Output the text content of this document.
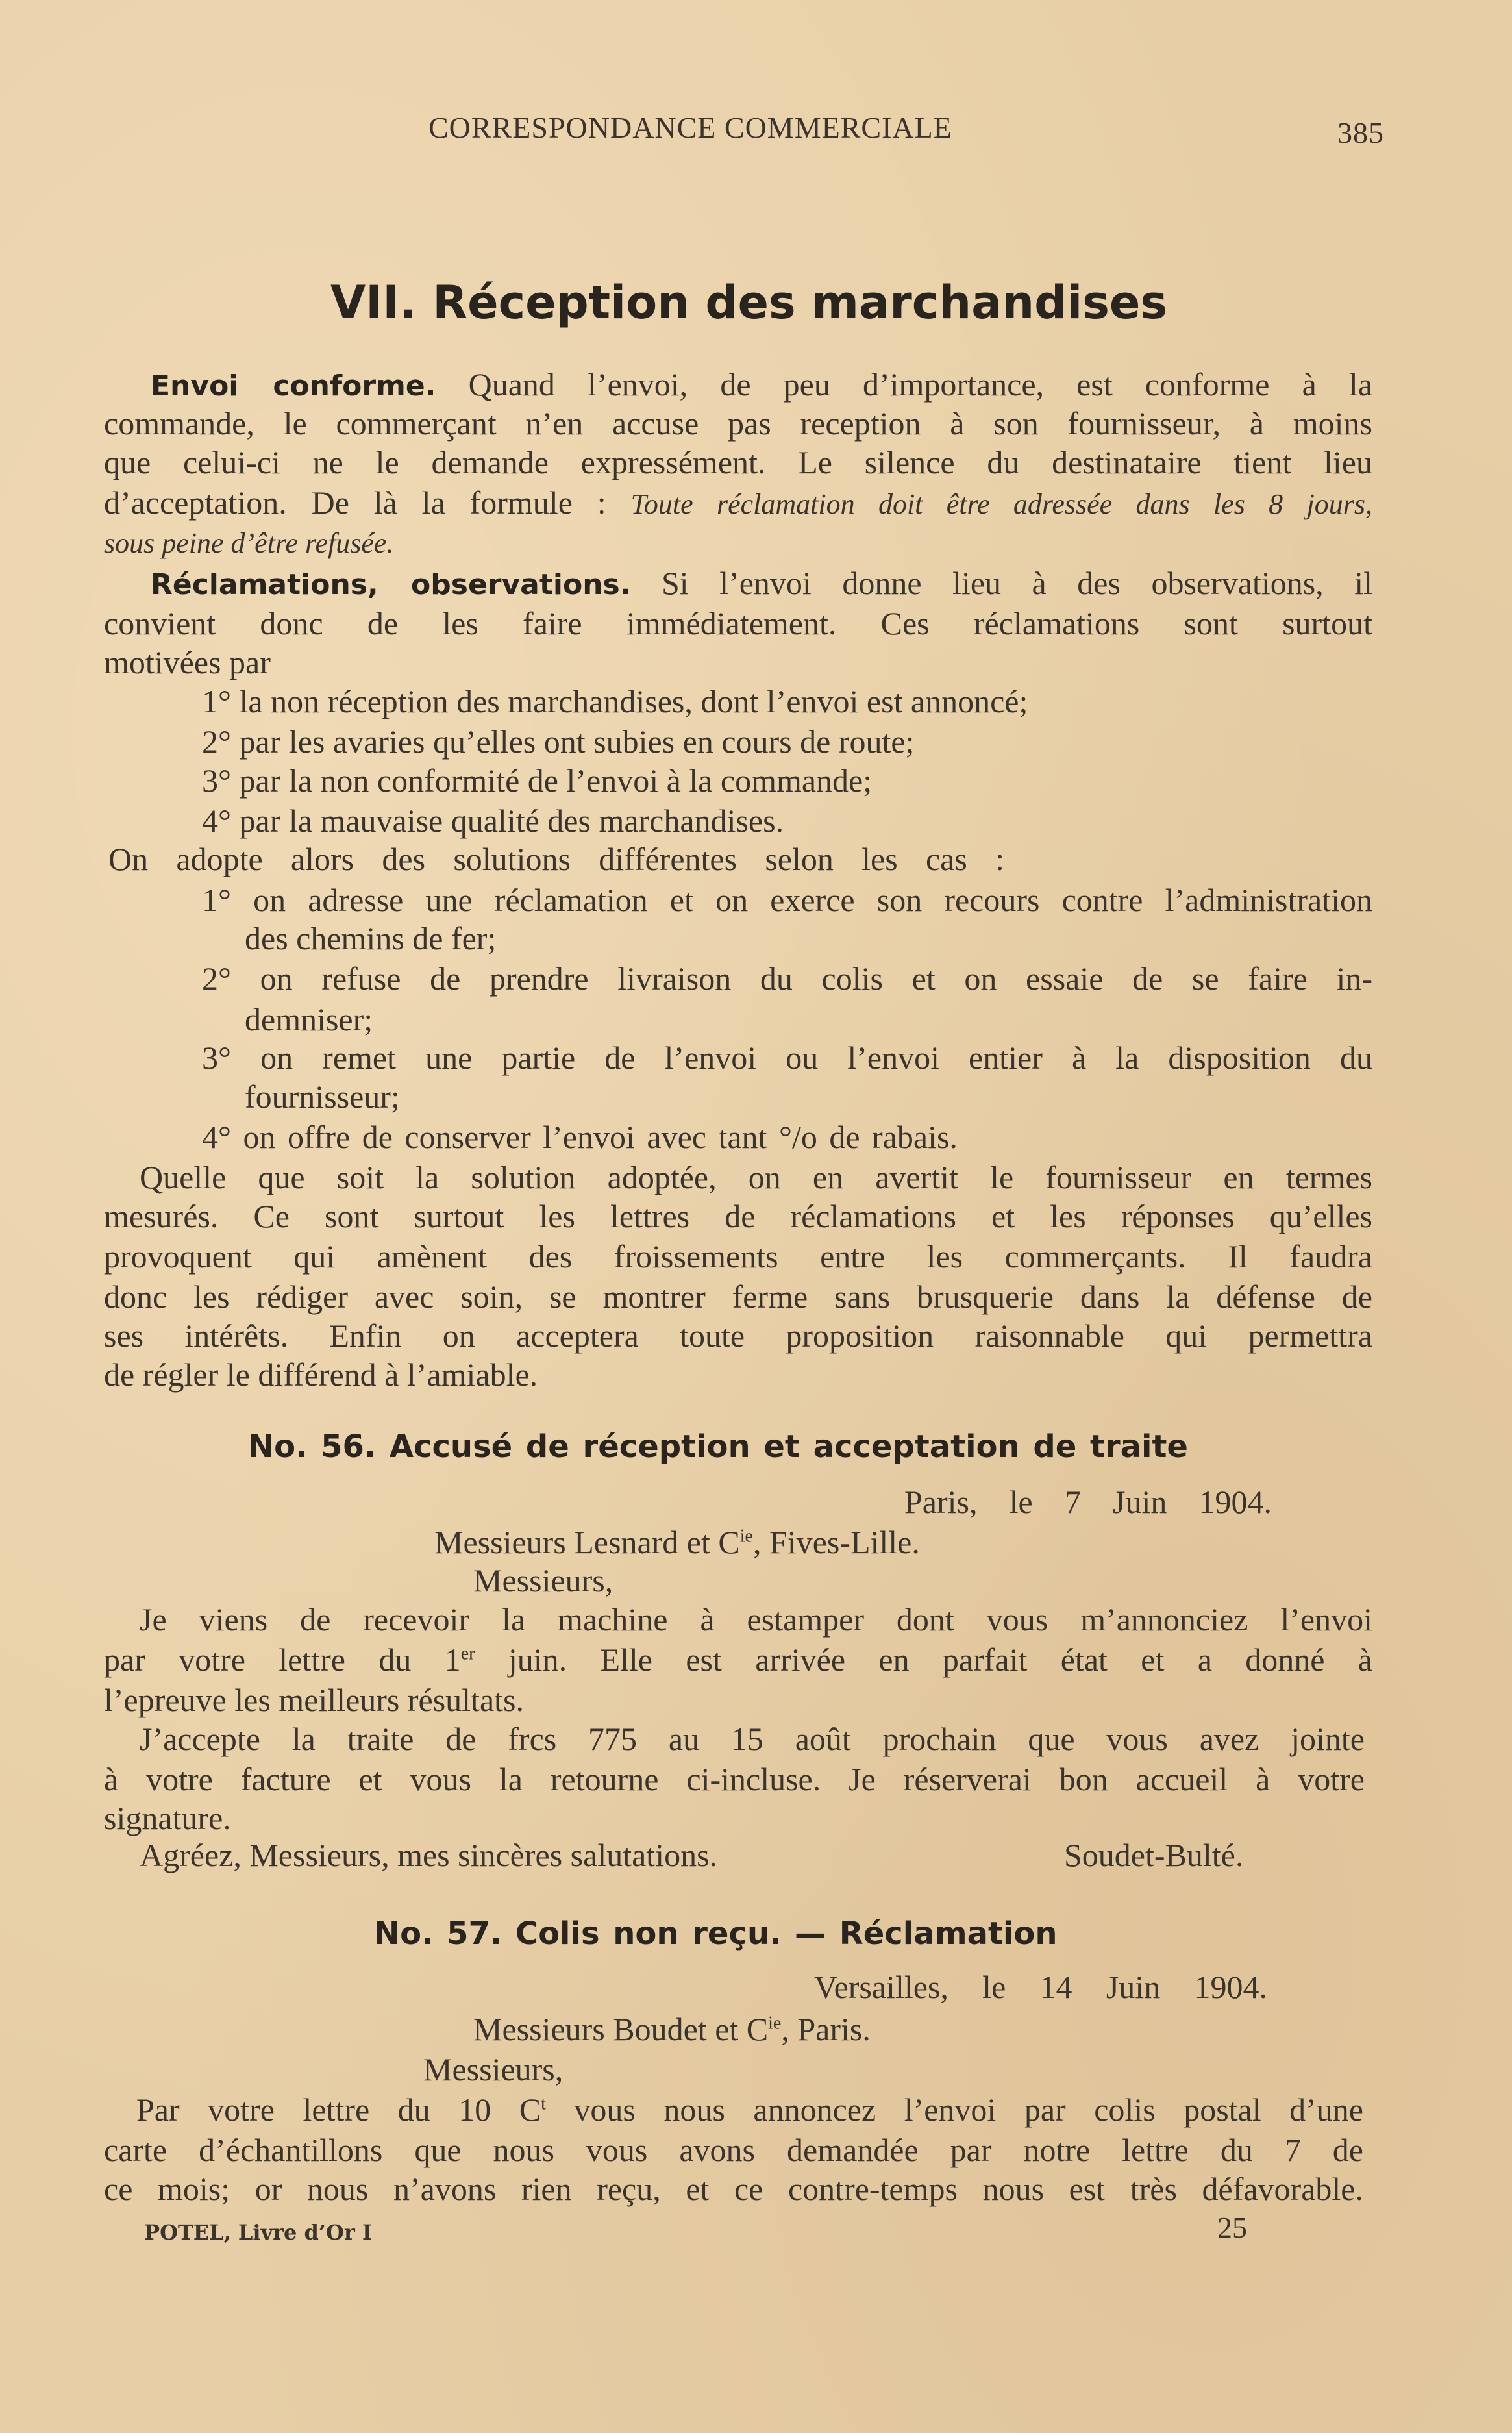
CORRESPONDANCE COMMERCIALE	385
VII. Réception des marchandises
Envoi conforme. Quand l’envoi, de peu d’importance, est conforme à la
commande, le commerçant n’en accuse pas reception à son fournisseur, à moins
que celui-ci ne le demande expressément. Le silence du destinataire tient lieu
d’acceptation. De là la formule : Toute réclamation doit être adressée dans les 8 jours,
sous peine d’être refusée.
Réclamations, observations. Si l’envoi donne lieu à des observations, il
convient donc de les faire immédiatement. Ces réclamations sont surtout
motivées par
1° la non réception des marchandises, dont l’envoi est annoncé;
2° par les avaries qu’elles ont subies en cours de route;
3° par la non conformité de l’envoi à la commande;
4° par la mauvaise qualité des marchandises.
On adopte alors des solutions différentes selon les cas :
1° on adresse une réclamation et on exerce son recours contre l’administration
des chemins de fer;
2° on refuse de prendre livraison du colis et on essaie de se faire in-
demniser;
3° on remet une partie de l’envoi ou l’envoi entier à la disposition du
fournisseur;
4° on offre de conserver l’envoi avec tant °/o de rabais.
Quelle que soit la solution adoptée, on en avertit le fournisseur en termes
mesurés. Ce sont surtout les lettres de réclamations et les réponses qu’elles
provoquent qui amènent des froissements entre les commerçants. Il faudra
donc les rédiger avec soin, se montrer ferme sans brusquerie dans la défense de
ses intérêts. Enfin on acceptera toute proposition raisonnable qui permettra
de régler le différend à l’amiable.
No. 56. Accusé de réception et acceptation de traite
Paris, le 7 Juin 1904.
Messieurs Lesnard et $C^{ie}$, Fives-Lille.
Messieurs,
Je viens de recevoir la machine à estamper dont vous m’annonciez l’envoi
par votre lettre du 1er juin. Elle est arrivée en parfait état et a donné à
l’epreuve les meilleurs résultats.
J’accepte la traite de frcs 775 au 15 août prochain que vous avez jointe
à votre facture et vous la retourne ci-incluse. Je réserverai bon accueil à votre
signature.
Agréez, Messieurs, mes sincères salutations.	Soudet-Bulté.
No. 57. Colis non reçu. — Réclamation
Versailles, le 14 Juin 1904.
Messieurs Boudet et $C^{ie}$, Paris.
Messieurs,
Par votre lettre du 10 $C^t$ vous nous annoncez l’envoi par colis postal d’une
carte d’échantillons que nous vous avons demandée par notre lettre du 7 de
ce mois; or nous n’avons rien reçu, et ce contre-temps nous est très défavorable.
POTEL, Livre d’Or I	25
